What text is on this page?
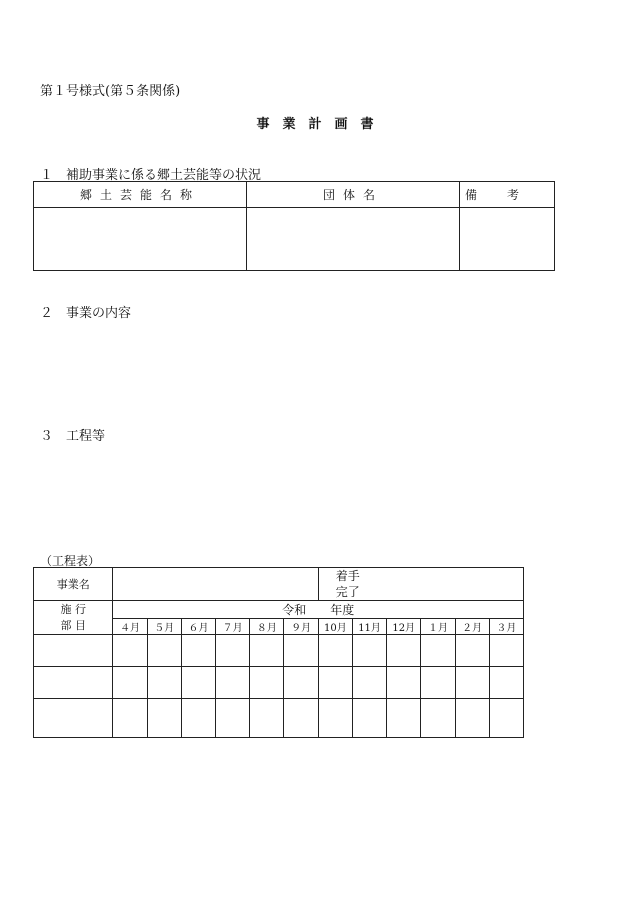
第１号様式(第５条関係)
事　業　計　画　書
１　補助事業に係る郷土芸能等の状況
郷土芸能名称	団体名	備考

２　事業の内容
３　工程等
（工程表）
事業名							着手
完了					

施 行
部 目	令和　　年度											
	４月	５月	６月	７月	８月	９月	10月	11月	12月	１月	２月	３月
